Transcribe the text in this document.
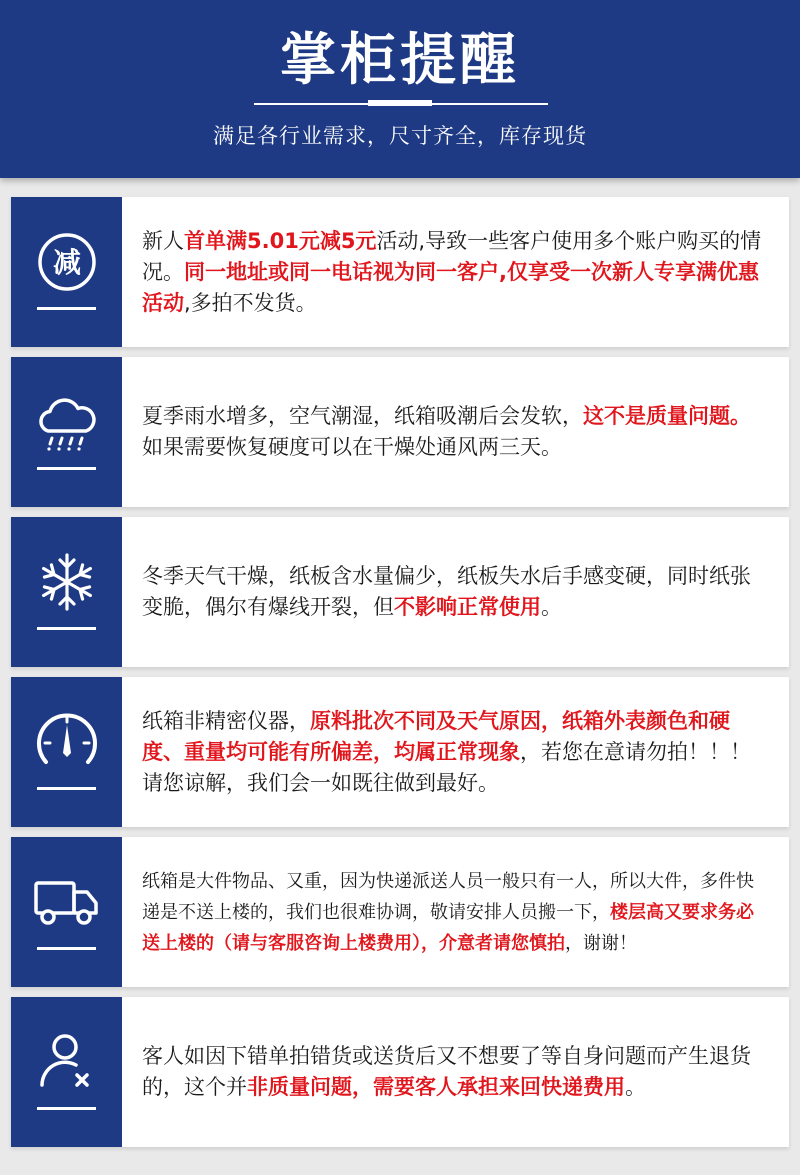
掌柜提醒
满足各行业需求，尺寸齐全，库存现货
减

新人首单满5.01元减5元活动,导致一些客户使用多个账户购买的情况。同一地址或同一电话视为同一客户,仅享受一次新人专享满优惠活动,多拍不发货。

夏季雨水增多，空气潮湿，纸箱吸潮后会发软，这不是质量问题。如果需要恢复硬度可以在干燥处通风两三天。

冬季天气干燥，纸板含水量偏少，纸板失水后手感变硬，同时纸张变脆，偶尔有爆线开裂，但不影响正常使用。

纸箱非精密仪器，原料批次不同及天气原因，纸箱外表颜色和硬度、重量均可能有所偏差，均属正常现象，若您在意请勿拍！！！请您谅解，我们会一如既往做到最好。

纸箱是大件物品、又重，因为快递派送人员一般只有一人，所以大件，多件快递是不送上楼的，我们也很难协调，敬请安排人员搬一下，楼层高又要求务必送上楼的（请与客服咨询上楼费用），介意者请您慎拍，谢谢！

客人如因下错单拍错货或送货后又不想要了等自身问题而产生退货的，这个并非质量问题，需要客人承担来回快递费用。
